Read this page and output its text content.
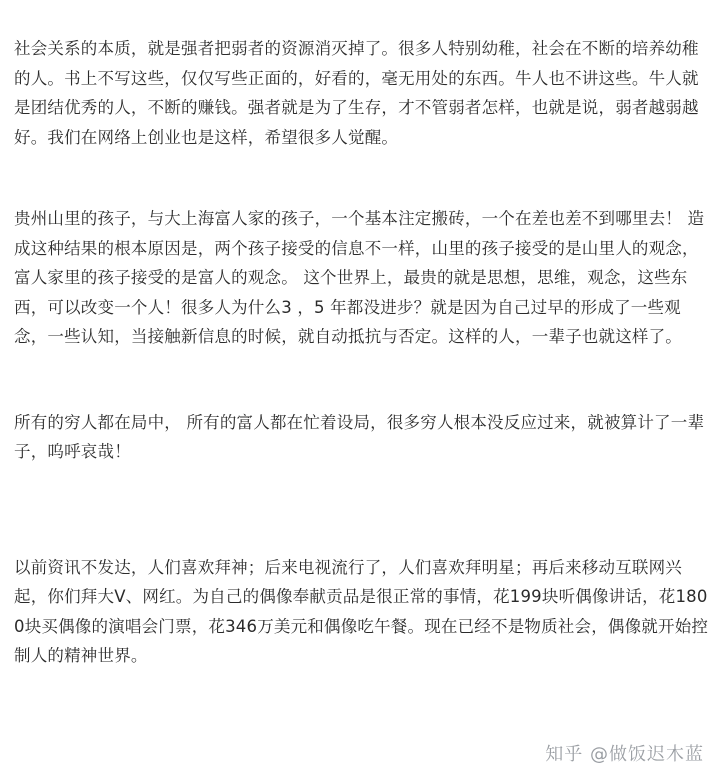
社会关系的本质，就是强者把弱者的资源消灭掉了。很多人特别幼稚，社会在不断的培养幼稚的人。书上不写这些，仅仅写些正面的，好看的，毫无用处的东西。牛人也不讲这些。牛人就是团结优秀的人，不断的赚钱。强者就是为了生存，才不管弱者怎样，也就是说，弱者越弱越好。我们在网络上创业也是这样，希望很多人觉醒。

贵州山里的孩子，与大上海富人家的孩子，一个基本注定搬砖，一个在差也差不到哪里去！ 造成这种结果的根本原因是，两个孩子接受的信息不一样，山里的孩子接受的是山里人的观念，富人家里的孩子接受的是富人的观念。 这个世界上，最贵的就是思想，思维，观念，这些东西，可以改变一个人！很多人为什么3 ，5 年都没进步？就是因为自己过早的形成了一些观念，一些认知，当接触新信息的时候，就自动抵抗与否定。这样的人，一辈子也就这样了。

所有的穷人都在局中， 所有的富人都在忙着设局，很多穷人根本没反应过来，就被算计了一辈子，呜呼哀哉！

以前资讯不发达，人们喜欢拜神；后来电视流行了，人们喜欢拜明星；再后来移动互联网兴起，你们拜大V、网红。为自己的偶像奉献贡品是很正常的事情，花199块听偶像讲话，花1800块买偶像的演唱会门票，花346万美元和偶像吃午餐。现在已经不是物质社会，偶像就开始控制人的精神世界。

知乎 @做饭迟木蓝
